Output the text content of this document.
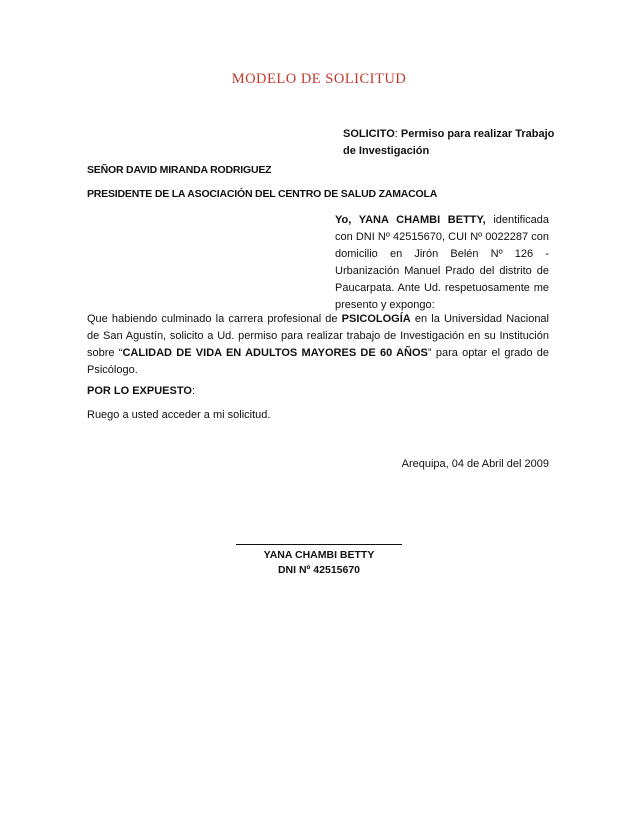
MODELO DE SOLICITUD
SOLICITO: Permiso para realizar Trabajo de Investigación
SEÑOR DAVID MIRANDA RODRIGUEZ
PRESIDENTE DE LA ASOCIACIÓN DEL CENTRO DE SALUD ZAMACOLA
Yo, YANA CHAMBI BETTY, identificada con DNI Nº 42515670, CUI Nº 0022287 con domicilio en Jirón Belén Nº 126 - Urbanización Manuel Prado del distrito de Paucarpata. Ante Ud. respetuosamente me presento y expongo:
Que habiendo culminado la carrera profesional de PSICOLOGÍA en la Universidad Nacional de San Agustín, solicito a Ud. permiso para realizar trabajo de Investigación en su Institución sobre “CALIDAD DE VIDA EN ADULTOS MAYORES DE 60 AÑOS” para optar el grado de Psicólogo.
POR LO EXPUESTO:
Ruego a usted acceder a mi solicitud.
Arequipa, 04 de Abril del 2009
YANA CHAMBI BETTY
DNI Nº 42515670
